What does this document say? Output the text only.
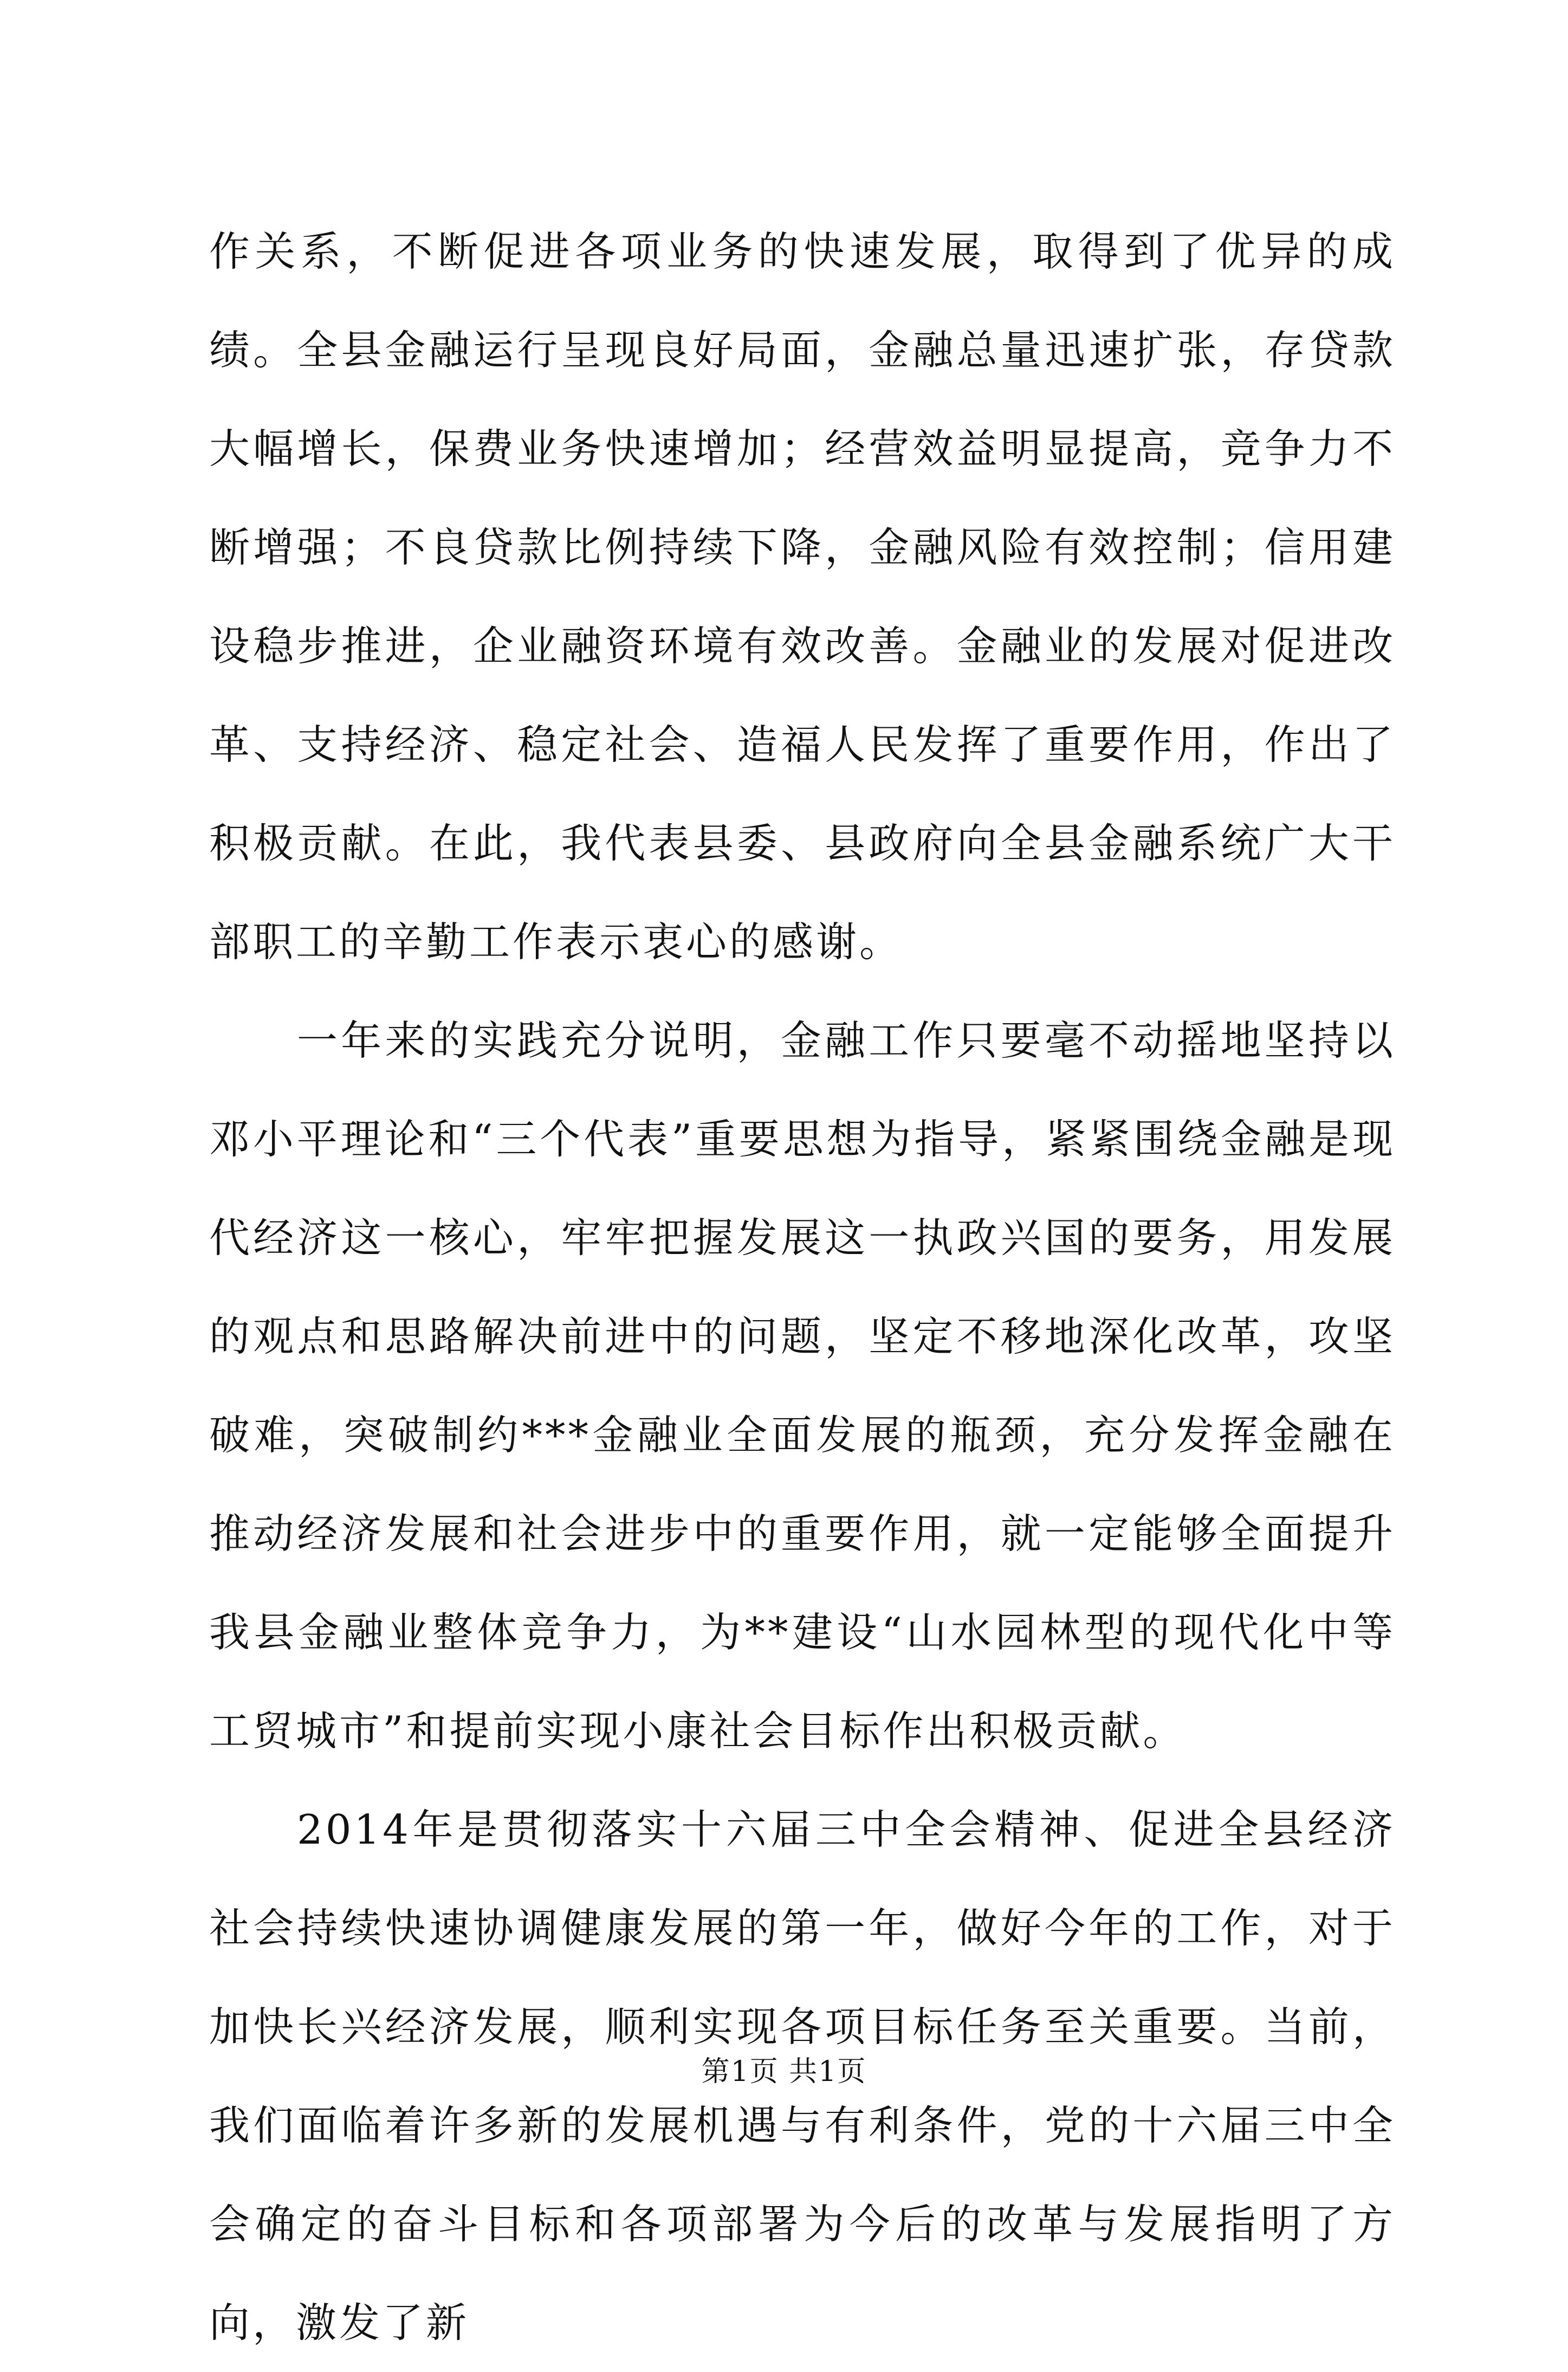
作关系，不断促进各项业务的快速发展，取得到了优异的成绩。全县金融运行呈现良好局面，金融总量迅速扩张，存贷款大幅增长，保费业务快速增加；经营效益明显提高，竞争力不断增强；不良贷款比例持续下降，金融风险有效控制；信用建设稳步推进，企业融资环境有效改善。金融业的发展对促进改革、支持经济、稳定社会、造福人民发挥了重要作用，作出了积极贡献。在此，我代表县委、县政府向全县金融系统广大干部职工的辛勤工作表示衷心的感谢。

一年来的实践充分说明，金融工作只要毫不动摇地坚持以邓小平理论和“三个代表”重要思想为指导，紧紧围绕金融是现代经济这一核心，牢牢把握发展这一执政兴国的要务，用发展的观点和思路解决前进中的问题，坚定不移地深化改革，攻坚破难，突破制约***金融业全面发展的瓶颈，充分发挥金融在推动经济发展和社会进步中的重要作用，就一定能够全面提升我县金融业整体竞争力，为**建设“山水园林型的现代化中等工贸城市”和提前实现小康社会目标作出积极贡献。

2014年是贯彻落实十六届三中全会精神、促进全县经济社会持续快速协调健康发展的第一年，做好今年的工作，对于加快长兴经济发展，顺利实现各项目标任务至关重要。当前，我们面临着许多新的发展机遇与有利条件，党的十六届三中全会确定的奋斗目标和各项部署为今后的改革与发展指明了方向，激发了新

第1页 共1页
